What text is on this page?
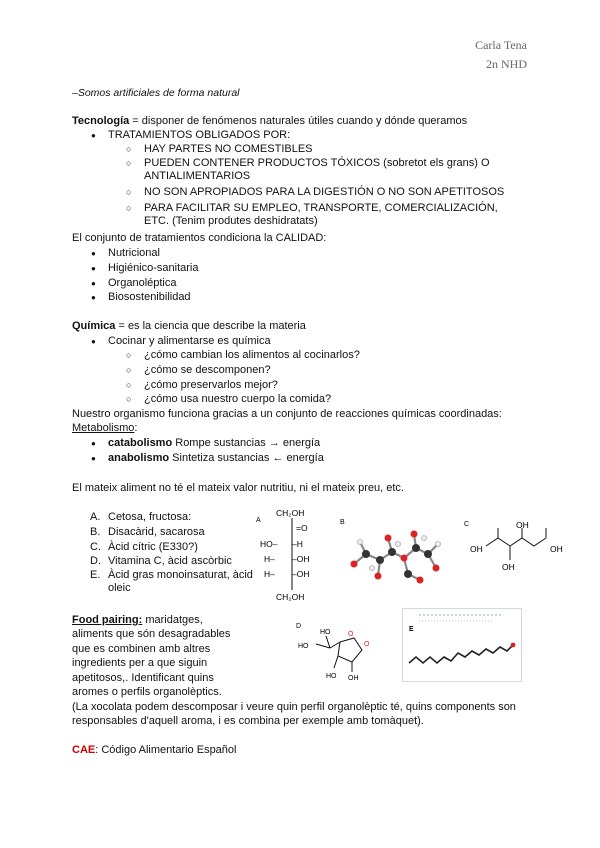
Carla Tena
2n NHD
–Somos artificiales de forma natural
Tecnología = disponer de fenómenos naturales útiles cuando y dónde queramos
● TRATAMIENTOS OBLIGADOS POR:
○ HAY PARTES NO COMESTIBLES
○ PUEDEN CONTENER PRODUCTOS TÓXICOS (sobretot els grans) O ANTIALIMENTARIOS
○ NO SON APROPIADOS PARA LA DIGESTIÓN O NO SON APETITOSOS
○ PARA FACILITAR SU EMPLEO, TRANSPORTE, COMERCIALIZACIÓN, ETC. (Tenim produtes deshidratats)
El conjunto de tratamientos condiciona la CALIDAD:
● Nutricional
● Higiénico-sanitaria
● Organoléptica
● Biosostenibilidad
Química = es la ciencia que describe la materia
● Cocinar y alimentarse es química
○ ¿cómo cambian los alimentos al cocinarlos?
○ ¿cómo se descomponen?
○ ¿cómo preservarlos mejor?
○ ¿cómo usa nuestro cuerpo la comida?
Nuestro organismo funciona gracias a un conjunto de reacciones químicas coordinadas:
Metabolismo:
● catabolismo Rompe sustancias → energía
● anabolismo Sintetiza sustancias ← energía
El mateix aliment no té el mateix valor nutritiu, ni el mateix preu, etc.
A. Cetosa, fructosa:
B. Disacàrid, sacarosa
C. Àcid cítric (E330?)
D. Vitamina C, àcid ascòrbic
E. Àcid gras monoinsaturat, àcid oleic
A
CH₂OH
=O
HO– –H
H– –OH
H– –OH
CH₂OH
B	C
OH	OH
OH
OH
Food pairing: maridatges,
aliments que són desagradables
que es combinen amb altres
ingredients per a que siguin
apetitosos,. Identificant quins
aromes o perfils organolèptics.
D
O
O
HO
HO
HO OH
E
(La xocolata podem descomposar i veure quin perfil organolèptic té, quins components son responsables d'aquell aroma, i es combina per exemple amb tomàquet).
CAE: Código Alimentario Español
